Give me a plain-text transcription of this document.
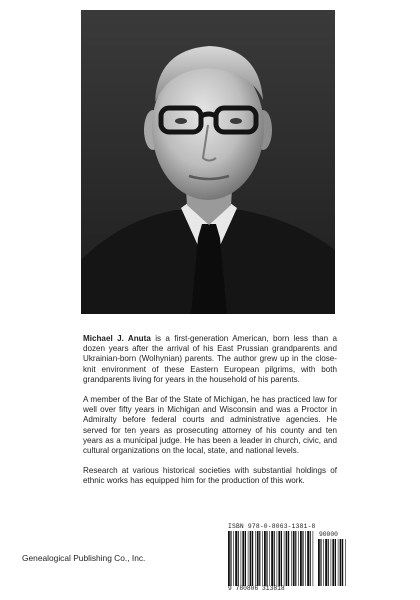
Michael J. Anuta is a first-generation American, born less than a dozen years after the arrival of his East Prussian grandparents and Ukrainian-born (Wolhynian) parents. The author grew up in the close-knit environment of these Eastern European pilgrims, with both grandparents living for years in the household of his parents.

A member of the Bar of the State of Michigan, he has practiced law for well over fifty years in Michigan and Wisconsin and was a Proctor in Admiralty before federal courts and administrative agencies. He served for ten years as prosecuting attorney of his county and ten years as a municipal judge. He has been a leader in church, civic, and cultural organizations on the local, state, and national levels.

Research at various historical societies with substantial holdings of ethnic works has equipped him for the production of this work.

Genealogical Publishing Co., Inc.
ISBN 978-0-8063-1381-8
90000
9 780806 313818
